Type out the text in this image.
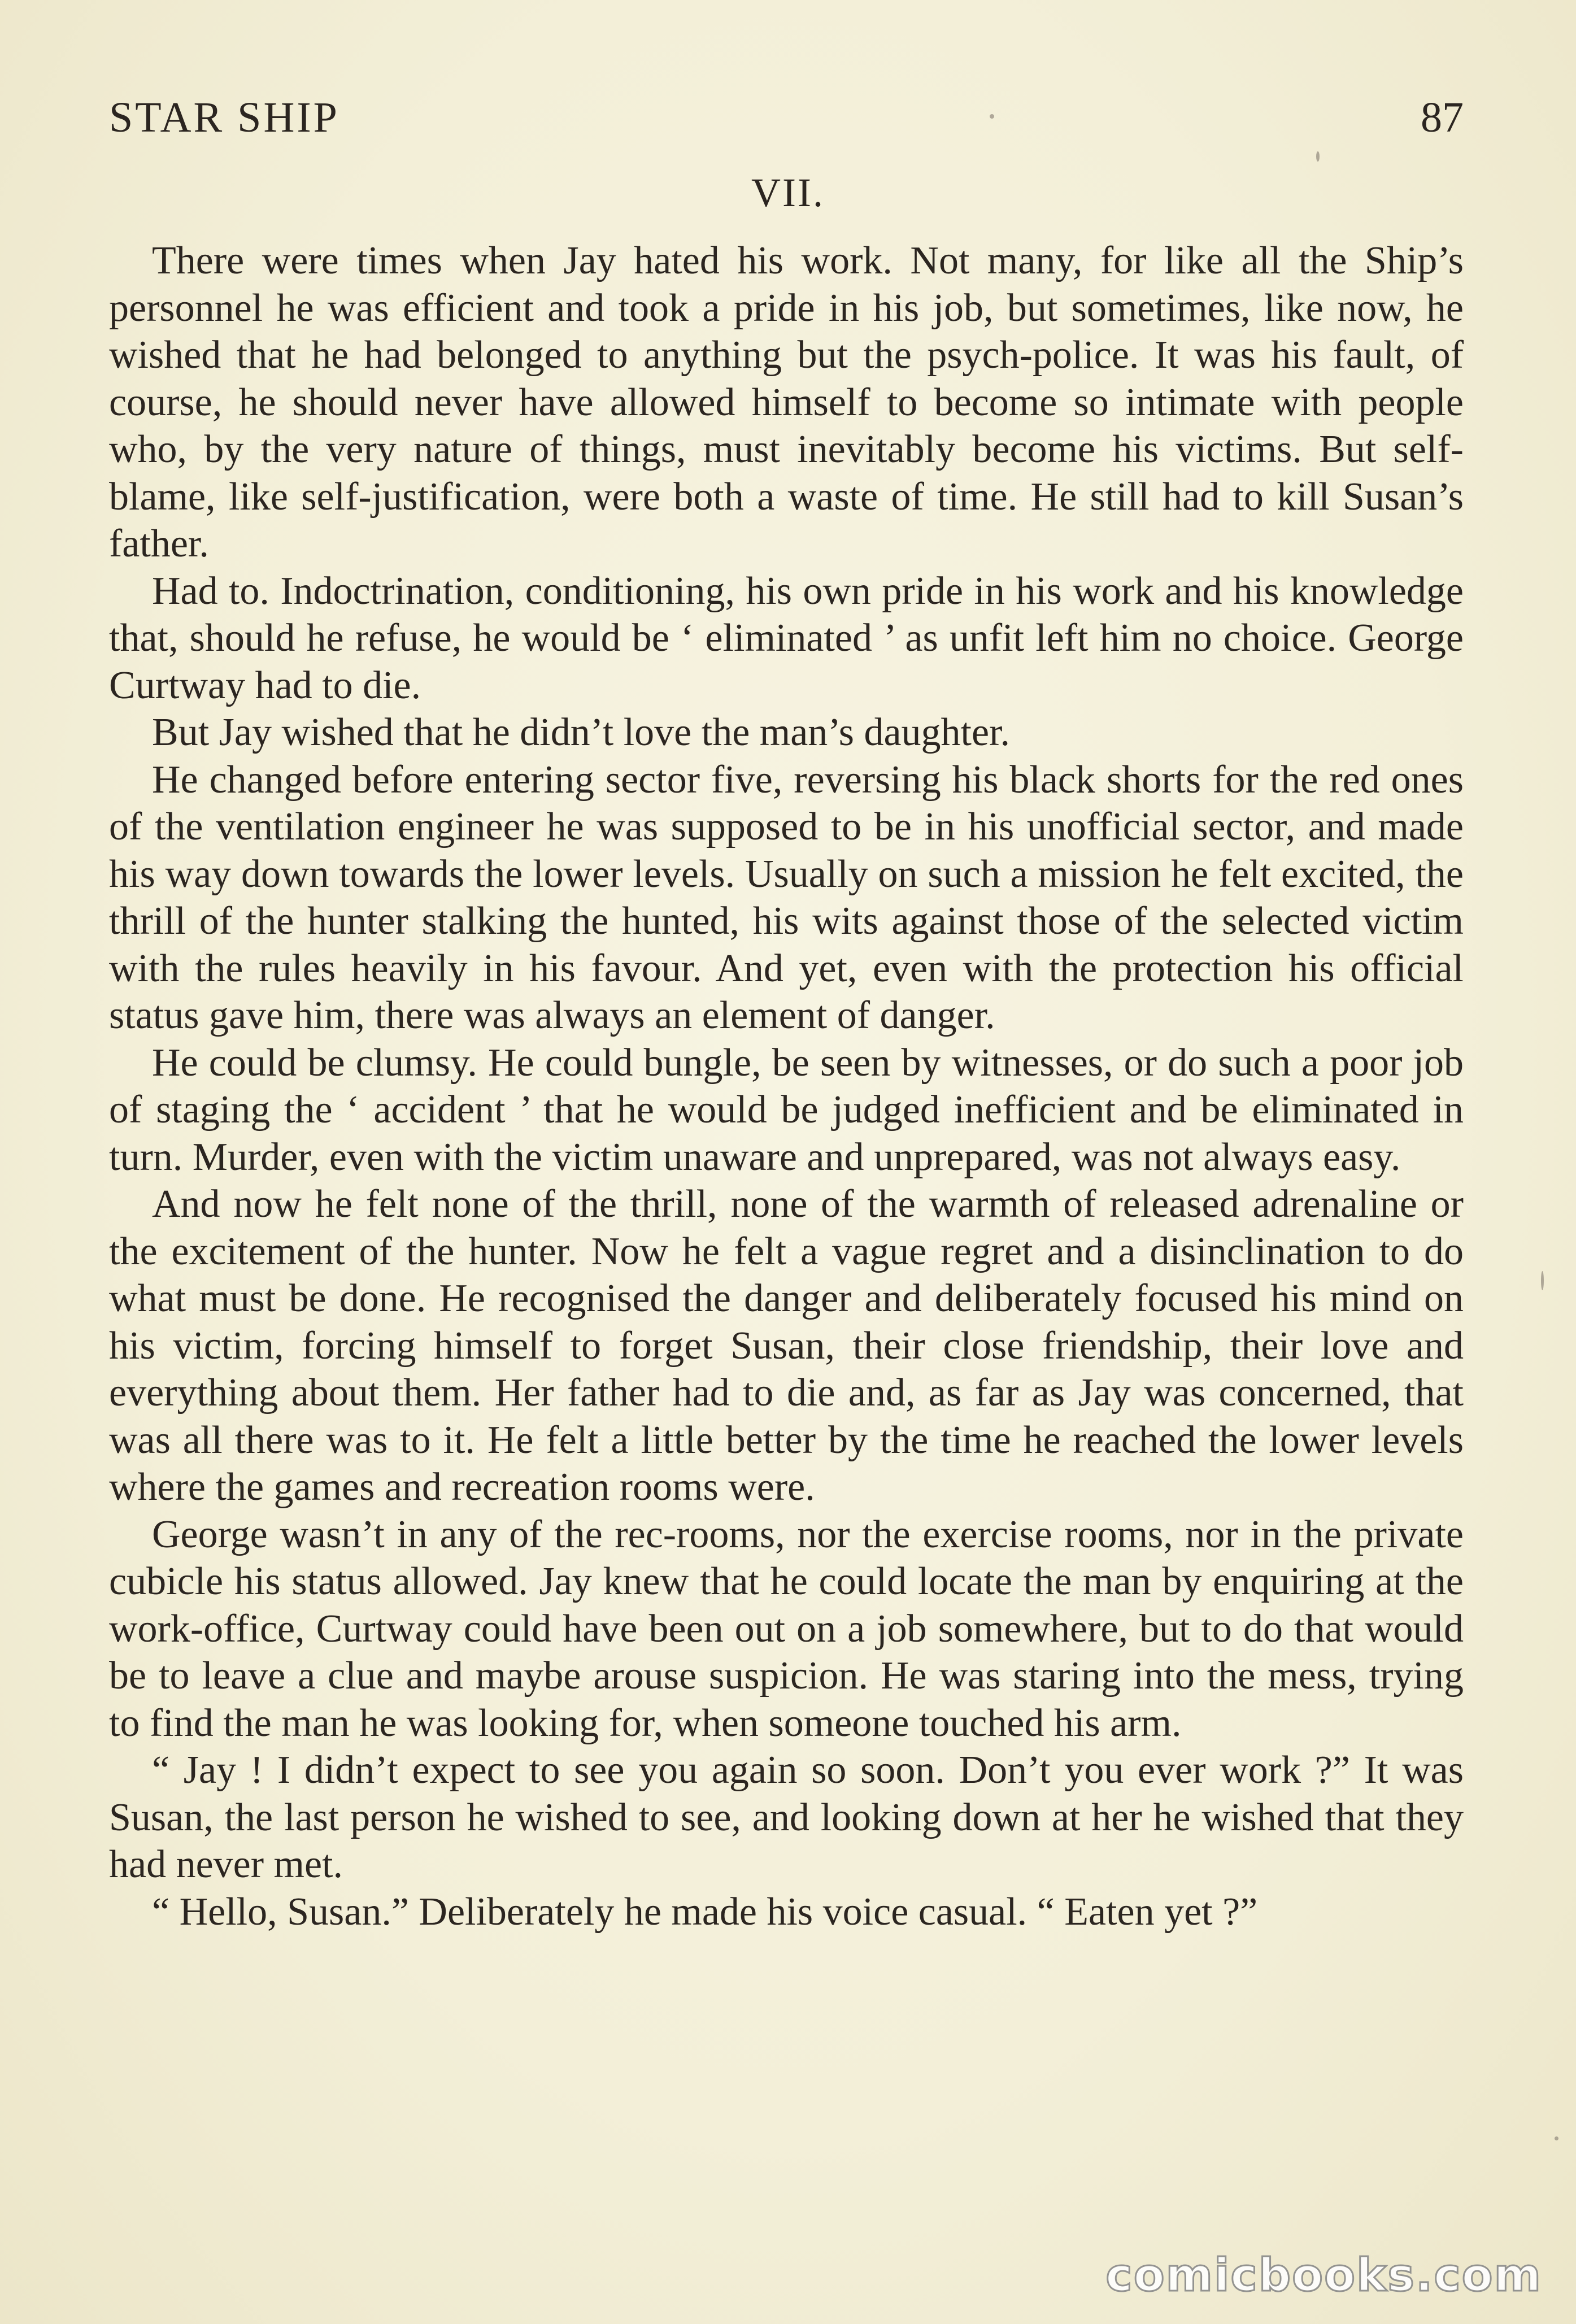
STAR SHIP	87
VII.

There were times when Jay hated his work. Not many, for like all the Ship’s personnel he was efficient and took a pride in his job, but sometimes, like now, he wished that he had belonged to anything but the psych-police. It was his fault, of course, he should never have allowed himself to become so intimate with people who, by the very nature of things, must inevitably become his victims. But self-blame, like self-justification, were both a waste of time. He still had to kill Susan’s father.

Had to. Indoctrination, conditioning, his own pride in his work and his knowledge that, should he refuse, he would be ‘ eliminated ’ as unfit left him no choice. George Curtway had to die.

But Jay wished that he didn’t love the man’s daughter.

He changed before entering sector five, reversing his black shorts for the red ones of the ventilation engineer he was supposed to be in his unofficial sector, and made his way down towards the lower levels. Usually on such a mission he felt excited, the thrill of the hunter stalking the hunted, his wits against those of the selected victim with the rules heavily in his favour. And yet, even with the protection his official status gave him, there was always an element of danger.

He could be clumsy. He could bungle, be seen by witnesses, or do such a poor job of staging the ‘ accident ’ that he would be judged inefficient and be eliminated in turn. Murder, even with the victim unaware and unprepared, was not always easy.

And now he felt none of the thrill, none of the warmth of released adrenaline or the excitement of the hunter. Now he felt a vague regret and a disinclination to do what must be done. He recognised the danger and deliberately focused his mind on his victim, forcing himself to forget Susan, their close friendship, their love and everything about them. Her father had to die and, as far as Jay was concerned, that was all there was to it. He felt a little better by the time he reached the lower levels where the games and recreation rooms were.

George wasn’t in any of the rec-rooms, nor the exercise rooms, nor in the private cubicle his status allowed. Jay knew that he could locate the man by enquiring at the work-office, Curtway could have been out on a job somewhere, but to do that would be to leave a clue and maybe arouse suspicion. He was staring into the mess, trying to find the man he was looking for, when someone touched his arm.

“ Jay ! I didn’t expect to see you again so soon. Don’t you ever work ?” It was Susan, the last person he wished to see, and looking down at her he wished that they had never met.

“ Hello, Susan.” Deliberately he made his voice casual. “ Eaten yet ?”

comicbooks.com
